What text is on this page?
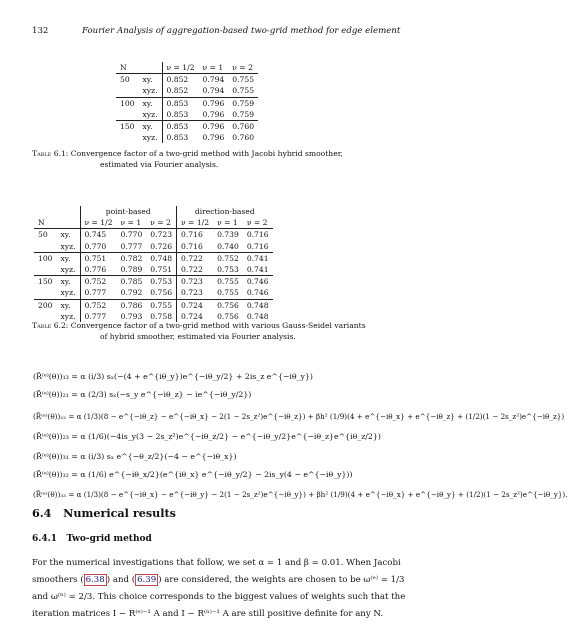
132	Fourier Analysis of aggregation-based two-grid method for edge element
N		ν = 1/2	ν = 1	ν = 2
50	xy.	0.852	0.794	0.755
	xyz.	0.852	0.794	0.755
100	xy.	0.853	0.796	0.759
	xyz.	0.853	0.796	0.759
150	xy.	0.853	0.796	0.760
	xyz.	0.853	0.796	0.760
Table 6.1: Convergence factor of a two-grid method with Jacobi hybrid smoother,
estimated via Fourier analysis.
		point-based			direction-based		
N		ν = 1/2	ν = 1	ν = 2	ν = 1/2	ν = 1	ν = 2
50	xy.	0.745	0.770	0.723	0.716	0.739	0.716
	xyz.	0.770	0.777	0.726	0.716	0.740	0.716
100	xy.	0.751	0.782	0.748	0.722	0.752	0.741
	xyz.	0.776	0.789	0.751	0.722	0.753	0.741
150	xy.	0.752	0.785	0.753	0.723	0.755	0.746
	xyz.	0.777	0.792	0.756	0.723	0.755	0.746
200	xy.	0.752	0.786	0.755	0.724	0.756	0.748
	xyz.	0.777	0.793	0.758	0.724	0.756	0.748
Table 6.2: Convergence factor of a two-grid method with various Gauss-Seidel variants
of hybrid smoother, estimated via Fourier analysis.
(R̃⁽ᵉ⁾(θ))₁₃ = α (i/3) sₓ(−(4 + e^{iθ_y})e^{−iθ_y/2} + 2is_z e^{−iθ_y})
(R̃⁽ᵉ⁾(θ))₂₁ = α (2/3) sₓ(−s_y e^{−iθ_z} − ie^{−iθ_y/2})
(R̃⁽ᵉ⁾(θ))₂₂ = α (1/3)(8 − e^{−iθ_z} − e^{−iθ_x} − 2(1 − 2s_z²)e^{−iθ_z}) + βh² (1/9)(4 + e^{−iθ_x} + e^{−iθ_z} + (1/2)(1 − 2s_z²)e^{−iθ_z})
(R̃⁽ᵉ⁾(θ))₂₃ = α (1/6)(−4is_y(3 − 2s_z²)e^{−iθ_z/2} − e^{−iθ_y/2}e^{−iθ_z}e^{iθ_z/2})
(R̃⁽ᵉ⁾(θ))₃₁ = α (i/3) sₓ e^{−θ_z/2}(−4 − e^{−iθ_x})
(R̃⁽ᵉ⁾(θ))₃₂ = α (1/6) e^{−iθ_x/2}(e^{iθ_x} e^{−iθ_y/2} − 2is_y(4 − e^{−iθ_y}))
(R̃⁽ᵉ⁾(θ))₃₃ = α (1/3)(8 − e^{−iθ_x} − e^{−iθ_y} − 2(1 − 2s_z²)e^{−iθ_y}) + βh² (1/9)(4 + e^{−iθ_x} + e^{−iθ_y} + (1/2)(1 − 2s_z²)e^{−iθ_y}).
6.4 Numerical results
6.4.1 Two-grid method
For the numerical investigations that follow, we set α = 1 and β = 0.01. When Jacobi
smoothers ( 6.38 ) and ( 6.39 ) are considered, the weights are chosen to be ω⁽ᵉ⁾ = 1/3
and ω⁽ⁿ⁾ = 2/3. This choice corresponds to the biggest values of weights such that the
iteration matrices I − R⁽ᵉ⁾⁻¹ A and I − R⁽ⁿ⁾⁻¹ A are still positive definite for any N.
